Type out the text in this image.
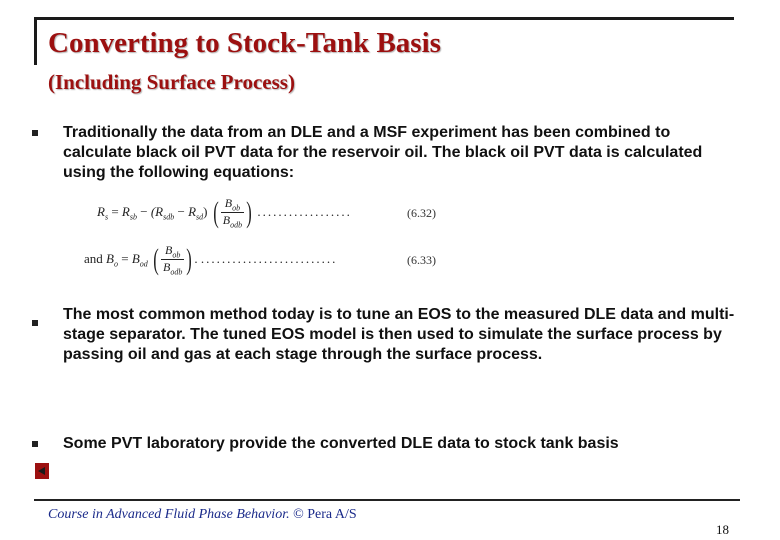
Converting to Stock-Tank Basis
(Including Surface Process)
Traditionally the data from an DLE and a MSF experiment has been combined to calculate black oil PVT data for the reservoir oil. The black oil PVT data is calculated using the following equations:
$R_s = R_{sb} - (R_{sdb} - R_{sd})$ ( $\frac{B_{ob}}{B_{odb}}$ ) ..................	(6.32)
and $B_o = B_{od}$ ( $\frac{B_{ob}}{B_{odb}}$ ) . ..........................	(6.33)
The most common method today is to tune an EOS to the measured DLE data and multi-stage separator. The tuned EOS model is then used to simulate the surface process by passing oil and gas at each stage through the surface process.
Some PVT laboratory provide the converted DLE data to stock tank basis
Course in Advanced Fluid Phase Behavior. © Pera A/S
18
